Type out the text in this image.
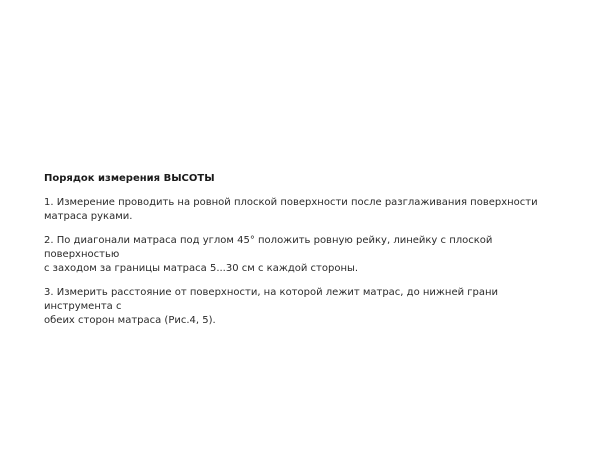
Порядок измерения ВЫСОТЫ
1. Измерение проводить на ровной плоской поверхности после разглаживания поверхности
матраса руками.
2. По диагонали матраса под углом 45° положить ровную рейку, линейку с плоской поверхностью
с заходом за границы матраса 5...30 см с каждой стороны.
3. Измерить расстояние от поверхности, на которой лежит матрас, до нижней грани инструмента с
обеих сторон матраса (Рис.4, 5).
